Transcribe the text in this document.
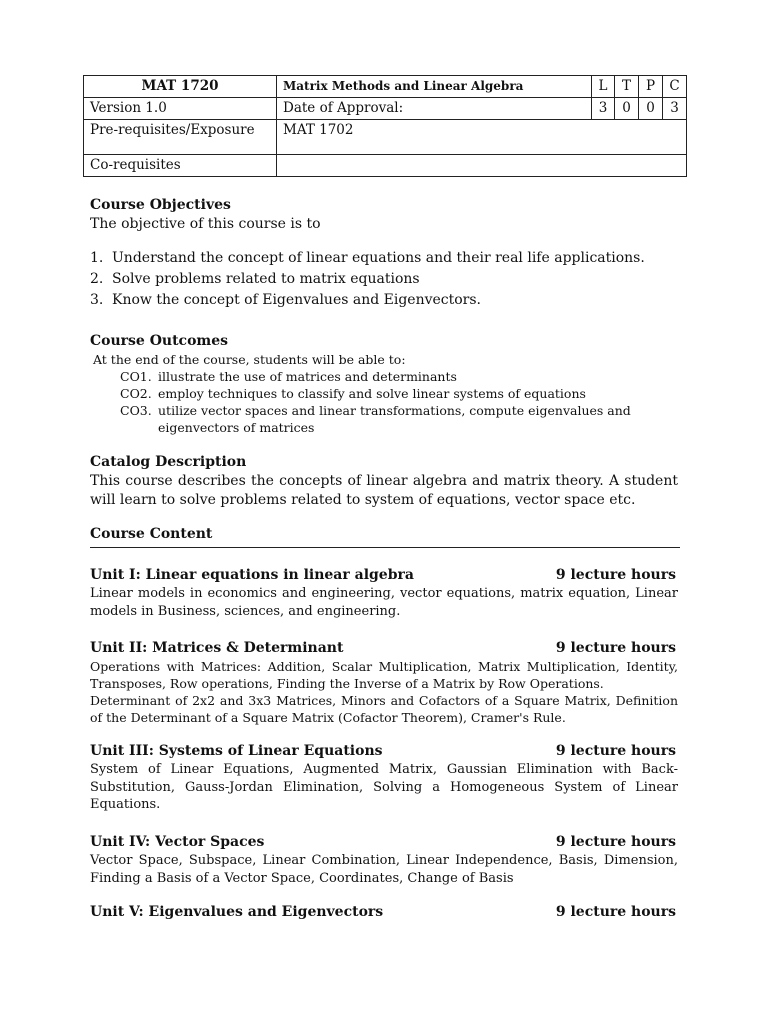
MAT 1720	Matrix Methods and Linear Algebra	L	T	P	C
Version 1.0	Date of Approval:	3	0	0	3
Pre-requisites/Exposure	MAT 1702				
Co-requisites					
Course Objectives
The objective of this course is to
1. Understand the concept of linear equations and their real life applications.
2. Solve problems related to matrix equations
3. Know the concept of Eigenvalues and Eigenvectors.
Course Outcomes
At the end of the course, students will be able to:
CO1. illustrate the use of matrices and determinants
CO2. employ techniques to classify and solve linear systems of equations
CO3. utilize vector spaces and linear transformations, compute eigenvalues and eigenvectors of matrices
Catalog Description
This course describes the concepts of linear algebra and matrix theory. A student will learn to solve problems related to system of equations, vector space etc.
Course Content
Unit I: Linear equations in linear algebra	9 lecture hours
Linear models in economics and engineering, vector equations, matrix equation, Linear models in Business, sciences, and engineering.
Unit II: Matrices & Determinant	9 lecture hours
Operations with Matrices: Addition, Scalar Multiplication, Matrix Multiplication, Identity, Transposes, Row operations, Finding the Inverse of a Matrix by Row Operations.
Determinant of 2x2 and 3x3 Matrices, Minors and Cofactors of a Square Matrix, Definition of the Determinant of a Square Matrix (Cofactor Theorem), Cramer's Rule.
Unit III: Systems of Linear Equations	9 lecture hours
System of Linear Equations, Augmented Matrix, Gaussian Elimination with Back-Substitution, Gauss-Jordan Elimination, Solving a Homogeneous System of Linear Equations.
Unit IV: Vector Spaces	9 lecture hours
Vector Space, Subspace, Linear Combination, Linear Independence, Basis, Dimension, Finding a Basis of a Vector Space, Coordinates, Change of Basis
Unit V: Eigenvalues and Eigenvectors	9 lecture hours
